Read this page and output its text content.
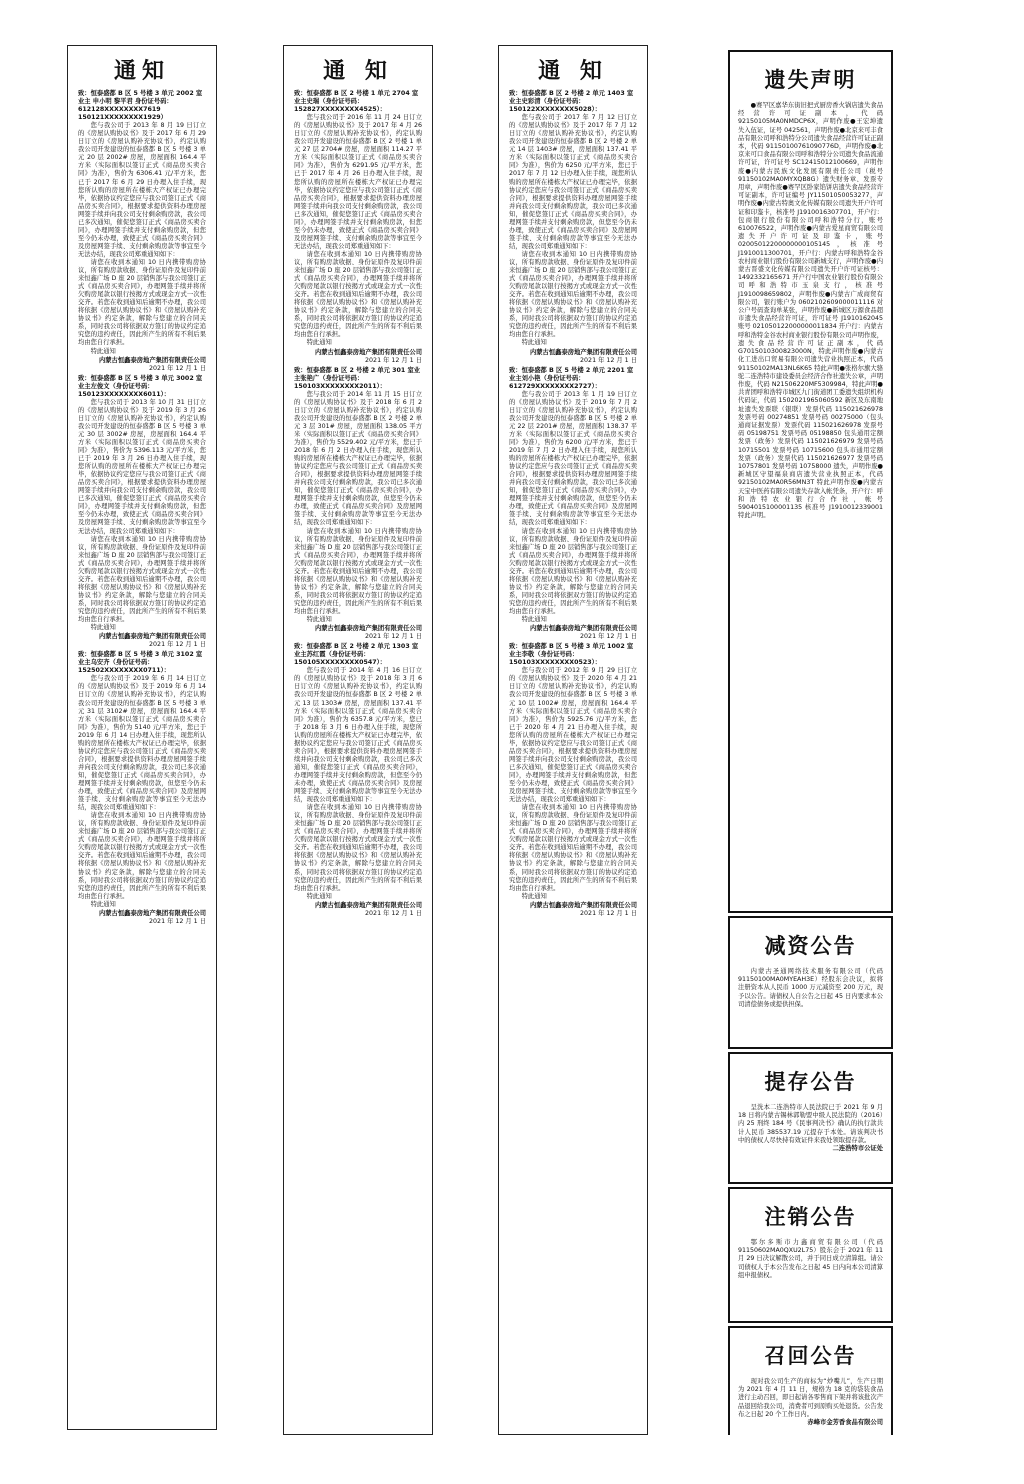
通知
致：恒泰盛都 B 区 5 号楼 3 单元 2002 室业主 申小明 黎平君 身份证号码：612128XXXXXXXX7619 150121XXXXXXXX1929）

您与我公司于 2013 年 8 月 19 日订立的《房屋认购协议书》及于 2017 年 6 月 29 日订立的《房屋认购补充协议书》，约定认购我公司开发建设的恒泰盛都 B 区 5 号楼 3 单元 20 层 2002# 房屋，房屋面积 164.4 平方米（实际面积以签订正式《商品房买卖合同》为准），售价为 6306.41 元/平方米，您已于 2017 年 6 月 29 日办理入住手续，现您所认购的房屋所在楼栋大产权证已办理完毕，依据协议约定您应与我公司签订正式《商品房买卖合同》，根据要求提供资料办理房屋网签手续并向我公司支付剩余购房款，我公司已多次通知，催促您签订正式《商品房买卖合同》，办理网签手续并支付剩余购房款，但您至今仍未办理，致使正式《商品房买卖合同》及房屋网签手续、支付剩余购房款等事宜至今无法办结，现我公司郑重通知如下：

请您在收到本通知 10 日内携带购房协议，所有购房款收据、身份证原件及复印件前来恒鑫广场 D 座 20 层销售部与我公司签订正式《商品房买卖合同》，办理网签手续并将所欠购房尾款以银行按揭方式或现金方式一次性交齐。若您在收到通知后逾期不办理，我公司将依据《房屋认购协议书》和《房屋认购补充协议书》约定条款，解除与您建立的合同关系，同时我公司将依据双方签订的协议约定追究您的违约责任，因此所产生的所有不利后果均由您自行承担。

特此通知

内蒙古恒鑫泰房地产集团有限责任公司
2021 年 12 月 1 日
致：恒泰盛都 B 区 5 号楼 3 单元 3002 室业主左俊文（身份证号码：150123XXXXXXXX6011）：

您与我公司于 2013 年 10 月 31 日订立的《房屋认购协议书》及于 2019 年 3 月 26 日订立的《房屋认购补充协议书》，约定认购我公司开发建设的恒泰盛都 B 区 5 号楼 3 单元 30 层 3002# 房屋，房屋面积 164.4 平方米（实际面积以签订正式《商品房买卖合同》为准），售价为 5396.113 元/平方米，您已于 2019 年 3 月 26 日办理入住手续，现您所认购的房屋所在楼栋大产权证已办理完毕，依据协议约定您应与我公司签订正式《商品房买卖合同》，根据要求提供资料办理房屋网签手续并向我公司支付剩余购房款，我公司已多次通知，催促您签订正式《商品房买卖合同》，办理网签手续并支付剩余购房款，但您至今仍未办理，致使正式《商品房买卖合同》及房屋网签手续、支付剩余购房款等事宜至今无法办结，现我公司郑重通知如下：

请您在收到本通知 10 日内携带购房协议，所有购房款收据、身份证原件及复印件前来恒鑫广场 D 座 20 层销售部与我公司签订正式《商品房买卖合同》，办理网签手续并将所欠购房尾款以银行按揭方式或现金方式一次性交齐。若您在收到通知后逾期不办理，我公司将依据《房屋认购协议书》和《房屋认购补充协议书》约定条款，解除与您建立的合同关系，同时我公司将依据双方签订的协议约定追究您的违约责任，因此所产生的所有不利后果均由您自行承担。

特此通知

内蒙古恒鑫泰房地产集团有限责任公司
2021 年 12 月 1 日
致：恒泰盛都 B 区 5 号楼 3 单元 3102 室业主乌安齐（身份证号码：152502XXXXXXXX0711）：

您与我公司于 2019 年 6 月 14 日订立的《房屋认购协议书》及于 2019 年 6 月 14 日订立的《房屋认购补充协议书》，约定认购我公司开发建设的恒泰盛都 B 区 5 号楼 3 单元 31 层 3102# 房屋，房屋面积 164.4 平方米（实际面积以签订正式《商品房买卖合同》为准），售价为 5140 元/平方米，您已于 2019 年 6 月 14 日办理入住手续，现您所认购的房屋所在楼栋大产权证已办理完毕，依据协议约定您应与我公司签订正式《商品房买卖合同》，根据要求提供资料办理房屋网签手续并向我公司支付剩余购房款，我公司已多次通知，催促您签订正式《商品房买卖合同》，办理网签手续并支付剩余购房款，但您至今仍未办理，致使正式《商品房买卖合同》及房屋网签手续、支付剩余购房款等事宜至今无法办结，现我公司郑重通知如下：

请您在收到本通知 10 日内携带购房协议，所有购房款收据、身份证原件及复印件前来恒鑫广场 D 座 20 层销售部与我公司签订正式《商品房买卖合同》，办理网签手续并将所欠购房尾款以银行按揭方式或现金方式一次性交齐。若您在收到通知后逾期不办理，我公司将依据《房屋认购协议书》和《房屋认购补充协议书》约定条款，解除与您建立的合同关系，同时我公司将依据双方签订的协议约定追究您的违约责任，因此所产生的所有不利后果均由您自行承担。

特此通知

内蒙古恒鑫泰房地产集团有限责任公司
2021 年 12 月 1 日
通 知
致：恒泰盛都 B 区 2 号楼 1 单元 2704 室业主史瑞（身份证号码：152827XXXXXXXX4525）：

您与我公司于 2016 年 11 月 24 日订立的《房屋认购协议书》及于 2017 年 4 月 26 日订立的《房屋认购补充协议书》，约定认购我公司开发建设的恒泰盛都 B 区 2 号楼 1 单元 27 层 2704# 房屋，房屋面积 114.27 平方米（实际面积以签订正式《商品房买卖合同》为准），售价为 6291.95 元/平方米，您已于 2017 年 4 月 26 日办理入住手续，现您所认购的房屋所在楼栋大产权证已办理完毕，依据协议约定您应与我公司签订正式《商品房买卖合同》，根据要求提供资料办理房屋网签手续并向我公司支付剩余购房款，我公司已多次通知，催促您签订正式《商品房买卖合同》，办理网签手续并支付剩余购房款，但您至今仍未办理，致使正式《商品房买卖合同》及房屋网签手续、支付剩余购房款等事宜至今无法办结，现我公司郑重通知如下：

请您在收到本通知 10 日内携带购房协议，所有购房款收据、身份证原件及复印件前来恒鑫广场 D 座 20 层销售部与我公司签订正式《商品房买卖合同》，办理网签手续并将所欠购房尾款以银行按揭方式或现金方式一次性交齐。若您在收到通知后逾期不办理，我公司将依据《房屋认购协议书》和《房屋认购补充协议书》约定条款，解除与您建立的合同关系，同时我公司将依据双方签订的协议约定追究您的违约责任，因此所产生的所有不利后果均由您自行承担。

特此通知

内蒙古恒鑫泰房地产集团有限责任公司
2021 年 12 月 1 日
致：恒泰盛都 B 区 2 号楼 2 单元 301 室业主张艳广（身份证号码：150103XXXXXXXX2011）：

您与我公司于 2014 年 11 月 15 日订立的《房屋认购协议书》及于 2018 年 6 月 2 日订立的《房屋认购补充协议书》，约定认购我公司开发建设的恒泰盛都 B 区 2 号楼 2 单元 3 层 301# 房屋，房屋面积 138.05 平方米（实际面积以签订正式《商品房买卖合同》为准），售价为 5529.402 元/平方米，您已于 2018 年 6 月 2 日办理入住手续，现您所认购的房屋所在楼栋大产权证已办理完毕，依据协议约定您应与我公司签订正式《商品房买卖合同》，根据要求提供资料办理房屋网签手续并向我公司支付剩余购房款，我公司已多次通知，催促您签订正式《商品房买卖合同》，办理网签手续并支付剩余购房款，但您至今仍未办理，致使正式《商品房买卖合同》及房屋网签手续、支付剩余购房款等事宜至今无法办结，现我公司郑重通知如下：

请您在收到本通知 10 日内携带购房协议，所有购房款收据、身份证原件及复印件前来恒鑫广场 D 座 20 层销售部与我公司签订正式《商品房买卖合同》，办理网签手续并将所欠购房尾款以银行按揭方式或现金方式一次性交齐。若您在收到通知后逾期不办理，我公司将依据《房屋认购协议书》和《房屋认购补充协议书》约定条款，解除与您建立的合同关系，同时我公司将依据双方签订的协议约定追究您的违约责任，因此所产生的所有不利后果均由您自行承担。

特此通知

内蒙古恒鑫泰房地产集团有限责任公司
2021 年 12 月 1 日
致：恒泰盛都 B 区 2 号楼 2 单元 1303 室业主苏红霞（身份证号码：150105XXXXXXXX0547）：

您与我公司于 2014 年 4 月 16 日订立的《房屋认购协议书》及于 2018 年 3 月 6 日订立的《房屋认购补充协议书》，约定认购我公司开发建设的恒泰盛都 B 区 2 号楼 2 单元 13 层 1303# 房屋，房屋面积 137.41 平方米（实际面积以签订正式《商品房买卖合同》为准），售价为 6357.8 元/平方米，您已于 2018 年 3 月 6 日办理入住手续，现您所认购的房屋所在楼栋大产权证已办理完毕，依据协议约定您应与我公司签订正式《商品房买卖合同》，根据要求提供资料办理房屋网签手续并向我公司支付剩余购房款，我公司已多次通知，催促您签订正式《商品房买卖合同》，办理网签手续并支付剩余购房款，但您至今仍未办理，致使正式《商品房买卖合同》及房屋网签手续、支付剩余购房款等事宜至今无法办结，现我公司郑重通知如下：

请您在收到本通知 10 日内携带购房协议，所有购房款收据、身份证原件及复印件前来恒鑫广场 D 座 20 层销售部与我公司签订正式《商品房买卖合同》，办理网签手续并将所欠购房尾款以银行按揭方式或现金方式一次性交齐。若您在收到通知后逾期不办理，我公司将依据《房屋认购协议书》和《房屋认购补充协议书》约定条款，解除与您建立的合同关系，同时我公司将依据双方签订的协议约定追究您的违约责任，因此所产生的所有不利后果均由您自行承担。

特此通知

内蒙古恒鑫泰房地产集团有限责任公司
2021 年 12 月 1 日
通 知
致：恒泰盛都 B 区 2 号楼 2 单元 1403 室业主史彩清（身份证号码：150122XXXXXXXX5028）：

您与我公司于 2017 年 7 月 12 日订立的《房屋认购协议书》及于 2017 年 7 月 12 日订立的《房屋认购补充协议书》，约定认购我公司开发建设的恒泰盛都 B 区 2 号楼 2 单元 14 层 1403# 房屋，房屋面积 137.41 平方米（实际面积以签订正式《商品房买卖合同》为准），售价为 6250 元/平方米，您已于 2017 年 7 月 12 日办理入住手续，现您所认购的房屋所在楼栋大产权证已办理完毕，依据协议约定您应与我公司签订正式《商品房买卖合同》，根据要求提供资料办理房屋网签手续并向我公司支付剩余购房款，我公司已多次通知，催促您签订正式《商品房买卖合同》，办理网签手续并支付剩余购房款，但您至今仍未办理，致使正式《商品房买卖合同》及房屋网签手续、支付剩余购房款等事宜至今无法办结，现我公司郑重通知如下：

请您在收到本通知 10 日内携带购房协议，所有购房款收据、身份证原件及复印件前来恒鑫广场 D 座 20 层销售部与我公司签订正式《商品房买卖合同》，办理网签手续并将所欠购房尾款以银行按揭方式或现金方式一次性交齐。若您在收到通知后逾期不办理，我公司将依据《房屋认购协议书》和《房屋认购补充协议书》约定条款，解除与您建立的合同关系，同时我公司将依据双方签订的协议约定追究您的违约责任，因此所产生的所有不利后果均由您自行承担。

特此通知

内蒙古恒鑫泰房地产集团有限责任公司
2021 年 12 月 1 日
致：恒泰盛都 B 区 5 号楼 2 单元 2201 室业主刘小艳（身份证号码：612729XXXXXXXX2727）：

您与我公司于 2013 年 1 月 19 日订立的《房屋认购协议书》及于 2019 年 7 月 2 日订立的《房屋认购补充协议书》，约定认购我公司开发建设的恒泰盛都 B 区 5 号楼 2 单元 22 层 2201# 房屋，房屋面积 138.37 平方米（实际面积以签订正式《商品房买卖合同》为准），售价为 6200 元/平方米，您已于 2019 年 7 月 2 日办理入住手续，现您所认购的房屋所在楼栋大产权证已办理完毕，依据协议约定您应与我公司签订正式《商品房买卖合同》，根据要求提供资料办理房屋网签手续并向我公司支付剩余购房款，我公司已多次通知，催促您签订正式《商品房买卖合同》，办理网签手续并支付剩余购房款，但您至今仍未办理，致使正式《商品房买卖合同》及房屋网签手续、支付剩余购房款等事宜至今无法办结，现我公司郑重通知如下：

请您在收到本通知 10 日内携带购房协议，所有购房款收据、身份证原件及复印件前来恒鑫广场 D 座 20 层销售部与我公司签订正式《商品房买卖合同》，办理网签手续并将所欠购房尾款以银行按揭方式或现金方式一次性交齐。若您在收到通知后逾期不办理，我公司将依据《房屋认购协议书》和《房屋认购补充协议书》约定条款，解除与您建立的合同关系，同时我公司将依据双方签订的协议约定追究您的违约责任，因此所产生的所有不利后果均由您自行承担。

特此通知

内蒙古恒鑫泰房地产集团有限责任公司
2021 年 12 月 1 日
致：恒泰盛都 B 区 5 号楼 3 单元 1002 室业主李敬（身份证号码：150103XXXXXXXX0523）：

您与我公司于 2012 年 9 月 29 日订立的《房屋认购协议书》及于 2020 年 4 月 21 日订立的《房屋认购补充协议书》，约定认购我公司开发建设的恒泰盛都 B 区 5 号楼 3 单元 10 层 1002# 房屋，房屋面积 164.4 平方米（实际面积以签订正式《商品房买卖合同》为准），售价为 5925.76 元/平方米，您已于 2020 年 4 月 21 日办理入住手续，现您所认购的房屋所在楼栋大产权证已办理完毕，依据协议约定您应与我公司签订正式《商品房买卖合同》，根据要求提供资料办理房屋网签手续并向我公司支付剩余购房款，我公司已多次通知，催促您签订正式《商品房买卖合同》，办理网签手续并支付剩余购房款，但您至今仍未办理，致使正式《商品房买卖合同》及房屋网签手续、支付剩余购房款等事宜至今无法办结，现我公司郑重通知如下：

请您在收到本通知 10 日内携带购房协议，所有购房款收据、身份证原件及复印件前来恒鑫广场 D 座 20 层销售部与我公司签订正式《商品房买卖合同》，办理网签手续并将所欠购房尾款以银行按揭方式或现金方式一次性交齐。若您在收到通知后逾期不办理，我公司将依据《房屋认购协议书》和《房屋认购补充协议书》约定条款，解除与您建立的合同关系，同时我公司将依据双方签订的协议约定追究您的违约责任，因此所产生的所有不利后果均由您自行承担。

特此通知

内蒙古恒鑫泰房地产集团有限责任公司
2021 年 12 月 1 日
遗失声明

●赛罕区嘉华东街旧把式厨房香火锅店遗失食品经营许可证副本，代码 92150105MA0NMDCP6X，声明作废●王宏坤遗失入伍证，证号 042561，声明作废●北京来可丰食品有限公司呼和浩特分公司遗失食品经营许可证正副本，代码 91150100761090776D，声明作废●北京来可口食品有限公司呼和浩特分公司遗失食品流通许可证，许可证号 SC12415012100669，声明作废●内蒙古民族文化发展有限责任公司（税号 91150102MA0MYXQB8G）遗失财务章、发票专用章，声明作废●赛罕区卧家馅饼店遗失食品经营许可证副本，许可证编号 JY11501050053277，声明作废●内蒙古特奥文化传媒有限公司遗失开户许可证和印鉴卡，核准号 J1910016307701，开户行：包商银行股份有限公司呼和浩特分行，账号 610076522，声明作废●内蒙古爱星商贸有限公司遗失开户许可证及印鉴卡，账号 02005012200000000105145，核准号 J1910011300701，开户行：内蒙古呼和浩特金谷农村商业银行股份有限公司新城支行，声明作废●内蒙古晋盛文化传媒有限公司遗失开户许可证核号：1492332165671 开户行中国农业银行股份有限公司呼和浩特市玉泉支行，核准号 J1910098659802，声明作废●内蒙古广成商贸有限公司，银行账户为 0602102609000011116 对公户号码查询单某张，声明作废●新城区万源食品超市遗失食品经营许可证，许可证号 J1910162045 账号 021050122000000011834 开户行：内蒙古呼和浩特金谷农村商业银行股份有限公司声明作废，遗失食品经营许可证正副本，代码 G7015010300823000N，特此声明作废●内蒙古化工进出口贸易有限公司遗失营业执照正本，代码 91150102MA13NL6K65 特此声明●张格尔旗大骆驼二连浩特市建设委员会经济合作社遗失公章，声明作废，代码 N21506220MF5309984，特此声明●共青团呼和浩特市城区九门街道团工委遗失组织机构代码证，代码 1502021965060592 新区及东南地址遗失发票联（银联）发票代码 115021626978 发票号码 00274851 发票号码 00275000（包头通商证据发票）发票代码 115021626978 发票号码 05198751 发票号码 05198850 包头通用定额发票（政务）发票代码 115021626979 发票号码 10715501 发票号码 10715600 包头市通用定额发票（政务）发票代码 115021626977 发票号码 10757801 发票号码 10758000 遗失，声明作废●新城区守望福泉商店遗失营业执照正本，代码 92150102MA0R56MN3T 特此声明作废●内蒙古天宝中医药有限公司遗失存款入帐凭条，开户行：呼和浩特农业银行合作社，帐号 5904015100001135 核准号 J1910012339001 特此声明。

减资公告

内蒙古圣通网络技术服务有限公司（代码 91150100MA0MYEAH3E）经股东会决议，拟将注册资本从人民币 1000 万元减资至 200 万元，现予以公告。请债权人自公告之日起 45 日内要求本公司清偿债务或提供担保。

提存公告

呈洗本二连浩特市人民法院已于 2021 年 9 月 18 日将内蒙古锡林郭勒盟中级人民法院的（2016）内 25 刑终 184 号《民事判决书》确认的执行款共计人民币 385537.19 元提存于本处。请该判决书中的债权人尽快持有效证件来我处领取提存款。

二连浩特市公证处

注销公告

鄂尔多斯市力鑫商贸有限公司（代码 91150602MA0QXU2L75）股东会于 2021 年 11 月 29 日决议解散公司，并于同日成立清算组。请公司债权人于本公告发布之日起 45 日内向本公司清算组申报债权。

召回公告

现对我公司生产的商标为“炒嘴儿”，生产日期为 2021 年 4 月 11 日，规格为 18 克的袋装食品进行主动召回，即日起请各零售商下架并将该批次产品退回给我公司，消费者可到原购买处退货。公告发布之日起 20 个工作日内。

赤峰市金芳香食品有限公司
